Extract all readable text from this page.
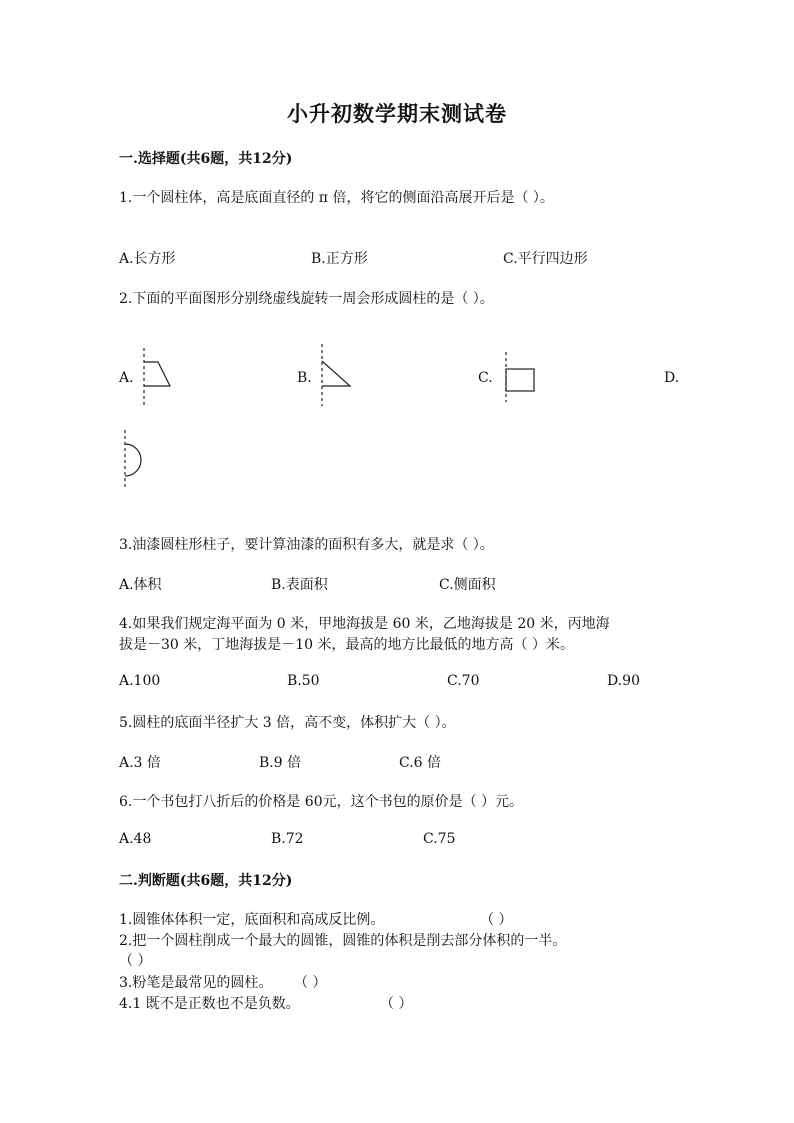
小升初数学期末测试卷
一.选择题(共6题，共12分)
1.一个圆柱体，高是底面直径的 π 倍，将它的侧面沿高展开后是（ ）。
A.长方形	B.正方形	C.平行四边形
2.下面的平面图形分别绕虚线旋转一周会形成圆柱的是（ ）。
A.	B.	C.	D.
3.油漆圆柱形柱子，要计算油漆的面积有多大，就是求（ ）。
A.体积	B.表面积	C.侧面积
4.如果我们规定海平面为 0 米，甲地海拔是 60 米，乙地海拔是 20 米，丙地海
拔是－30 米，丁地海拔是－10 米，最高的地方比最低的地方高（ ）米。
A.100	B.50	C.70	D.90
5.圆柱的底面半径扩大 3 倍，高不变，体积扩大（ ）。
A.3 倍	B.9 倍	C.6 倍
6.一个书包打八折后的价格是 60元，这个书包的原价是（ ）元。
A.48	B.72	C.75
二.判断题(共6题，共12分)
1.圆锥体体积一定，底面积和高成反比例。	（ ）
2.把一个圆柱削成一个最大的圆锥，圆锥的体积是削去部分体积的一半。
（ ）
3.粉笔是最常见的圆柱。 （ ）
4.1 既不是正数也不是负数。	（ ）
